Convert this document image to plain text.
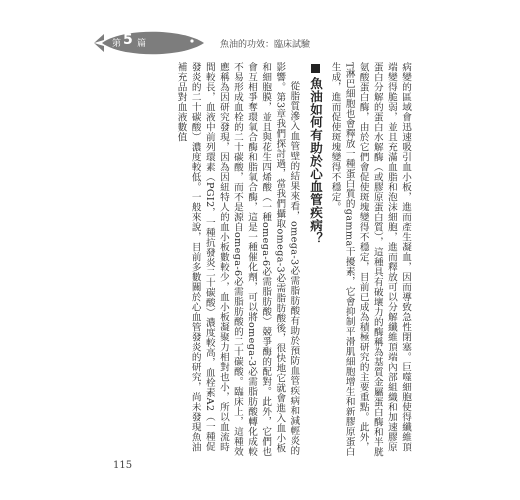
第 5 篇	魚油的功效：臨床試驗

病變的區域會迅速吸引血小板，進而產生凝血，因而導致急性閉塞。巨噬細胞使得纖維頂端變得脆弱，並且充滿血脂和泡沫細胞，進而釋放可以分解纖維頂端內部組織和加速膠原蛋白分解的蛋白水解酶（或膠原蛋白質），這種具有破壞力的酶稱為基質金屬蛋白酶和半胱氨酸蛋白酶，由於它們會促使斑塊變得不穩定，目前已成為積極研究的主要重點。此外，T淋巴細胞也會釋放一種蛋白質的gamma干擾素，它會抑制平滑肌細胞增生和新膠原蛋白生成，進而促使斑塊變得不穩定。

魚油如何有助於心血管疾病？

從脂質滲入血管壁的結果來看，omega-3必需脂肪酸有助於預防血管疾病和減輕炎的影響。第3章我們探討過，當我們攝取omega-3必需脂肪酸後，很快地它就會進入血小板和細胞膜，並且與花生四烯酸（一種omega-6必需脂肪酸）競爭酶的配對。此外，它們也會互相爭奪環氧合酶和脂氧合酶，這是一種催化劑，可以將omega-3必需脂肪酸轉化成較不易形成血栓的二十碳酸，而不是源自omega-6必需脂肪酸的二十碳酸。臨床上，這種效應稱為因研究發現，因為因紐特人的血小板數較少，血小板凝聚力相對也小，所以血流時間較長，血液中前列環素（PGI2，一種抗發炎二十碳酸）濃度較高，血栓素A2（一種促發炎的二十碳酸）濃度較低。一般來說，目前多數關於心血管發炎的研究，尚未發現魚油補充品對血液數值

115
